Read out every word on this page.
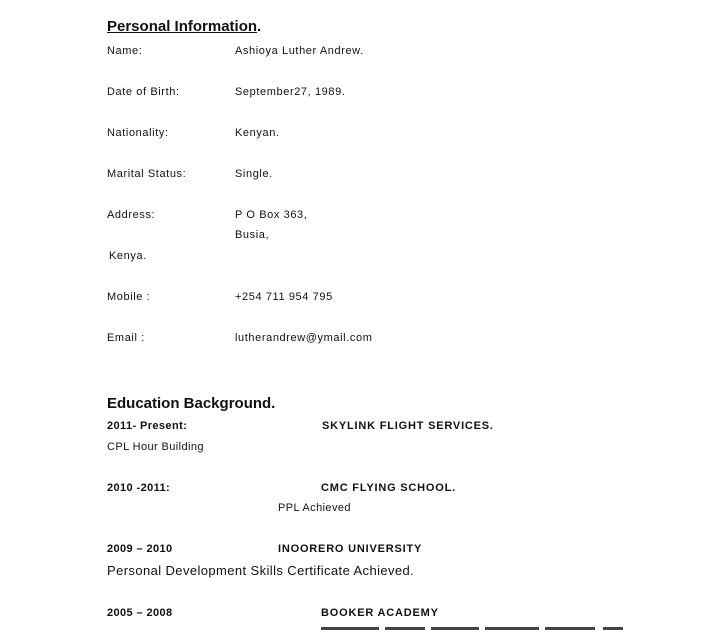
Personal Information.
Name:	Ashioya Luther Andrew.
Date of Birth:	September27, 1989.
Nationality:	Kenyan.
Marital Status:	Single.
Address:	P O Box 363,
Busia,
Kenya.
Mobile :	+254 711 954 795
Email :	lutherandrew@ymail.com
Education Background.
2011- Present:	SKYLINK FLIGHT SERVICES.
CPL Hour Building
2010 -2011:	CMC FLYING SCHOOL.
PPL Achieved
2009 – 2010	INOORERO UNIVERSITY
Personal Development Skills Certificate Achieved.
2005 – 2008	BOOKER ACADEMY
